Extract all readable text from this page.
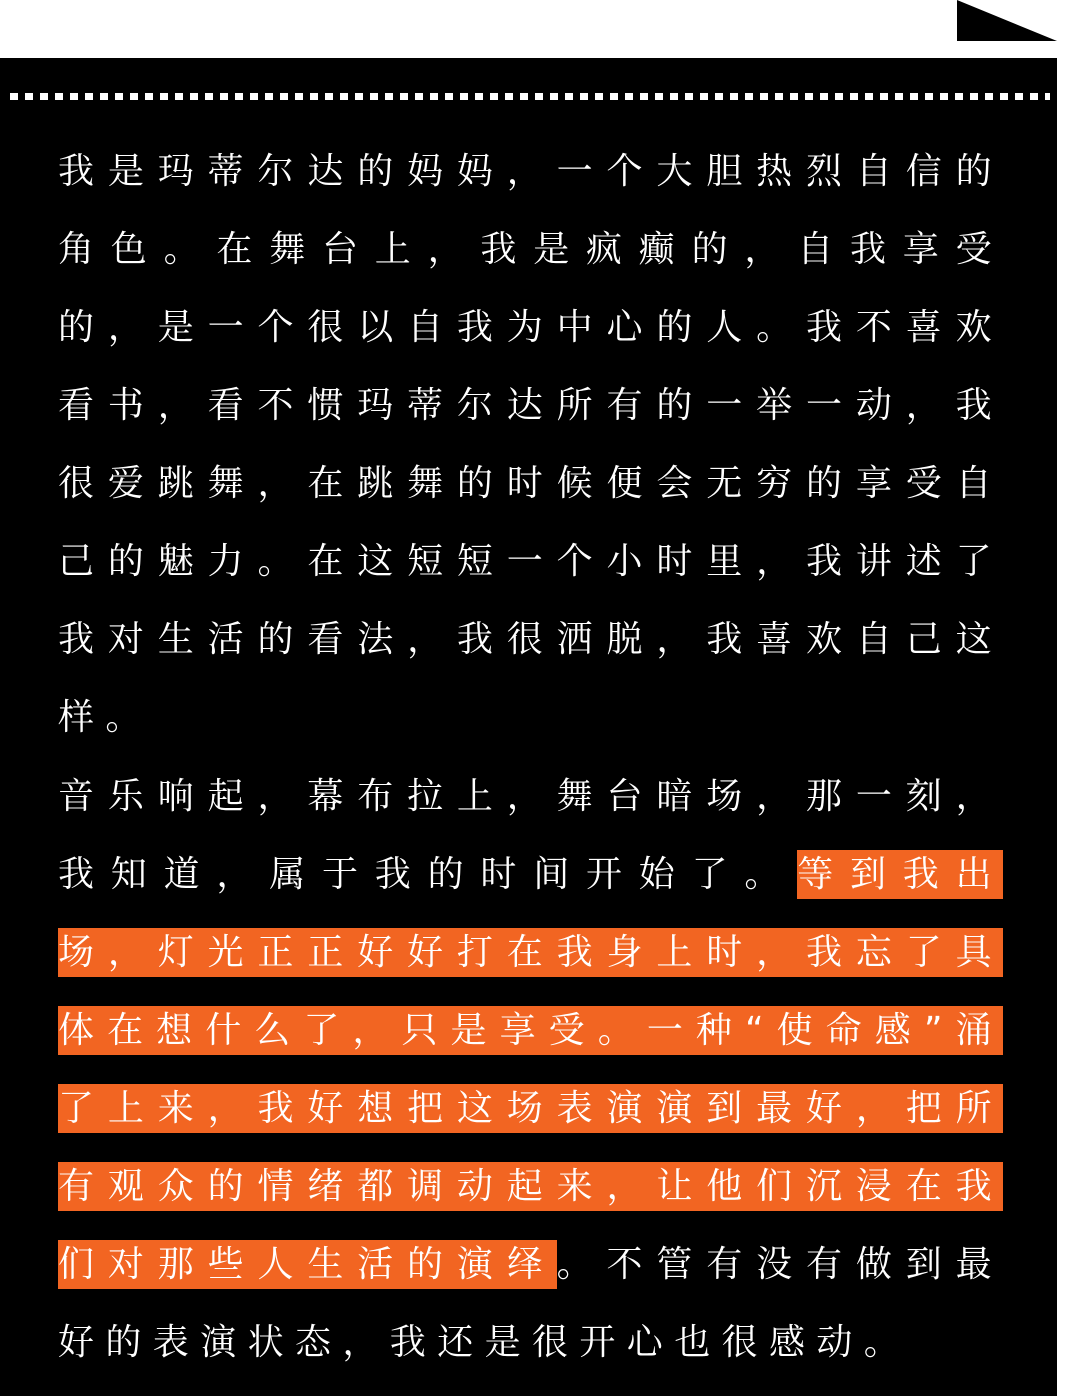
我是玛蒂尔达的妈妈，一个大胆热烈自信的角色。在舞台上，我是疯癫的，自我享受的，是一个很以自我为中心的人。我不喜欢看书，看不惯玛蒂尔达所有的一举一动，我很爱跳舞，在跳舞的时候便会无穷的享受自己的魅力。在这短短一个小时里，我讲述了我对生活的看法，我很洒脱，我喜欢自己这样。

音乐响起，幕布拉上，舞台暗场，那一刻，我知道，属于我的时间开始了。等到我出场，灯光正正好好打在我身上时，我忘了具体在想什么了，只是享受。一种“使命感”涌了上来，我好想把这场表演演到最好，把所有观众的情绪都调动起来，让他们沉浸在我们对那些人生活的演绎。不管有没有做到最好的表演状态，我还是很开心也很感动。
